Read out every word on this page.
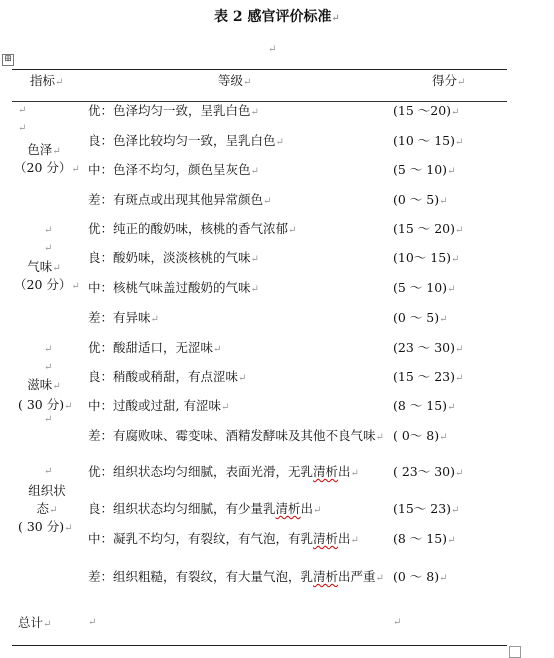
表 2 感官评价标准↵
↵
⊞
指标↵	等级↵	得分↵
↵
↵
色泽↵
（20 分）↵
优：色泽均匀一致，呈乳白色↵	(15 ～20)↵
良：色泽比较均匀一致，呈乳白色↵	(10 ～ 15)↵
中：色泽不均匀，颜色呈灰色↵	(5 ～ 10)↵
差：有斑点或出现其他异常颜色↵	(0 ～ 5)↵
↵
↵
气味↵
（20 分）↵
优：纯正的酸奶味，核桃的香气浓郁↵	(15 ～ 20)↵
良：酸奶味，淡淡核桃的气味↵	(10～ 15)↵
中：核桃气味盖过酸奶的气味↵	(5 ～ 10)↵
差：有异味↵	(0 ～ 5)↵
↵
↵
滋味↵
( 30 分)↵
↵
优：酸甜适口，无涩味↵	(23 ～ 30)↵
良：稍酸或稍甜，有点涩味↵	(15 ～ 23)↵
中：过酸或过甜, 有涩味↵	(8 ～ 15)↵
差：有腐败味、霉变味、酒精发酵味及其他不良气味↵ ( 0～ 8)↵
↵
组织状
态↵
( 30 分)↵
优：组织状态均匀细腻，表面光滑，无乳清析出↵	( 23～ 30)↵
良：组织状态均匀细腻，有少量乳清析出↵	(15～ 23)↵
中：凝乳不均匀，有裂纹，有气泡，有乳清析出↵	(8 ～ 15)↵
差：组织粗糙，有裂纹，有大量气泡，乳清析出严重↵ (0 ～ 8)↵
总计↵	↵	↵
